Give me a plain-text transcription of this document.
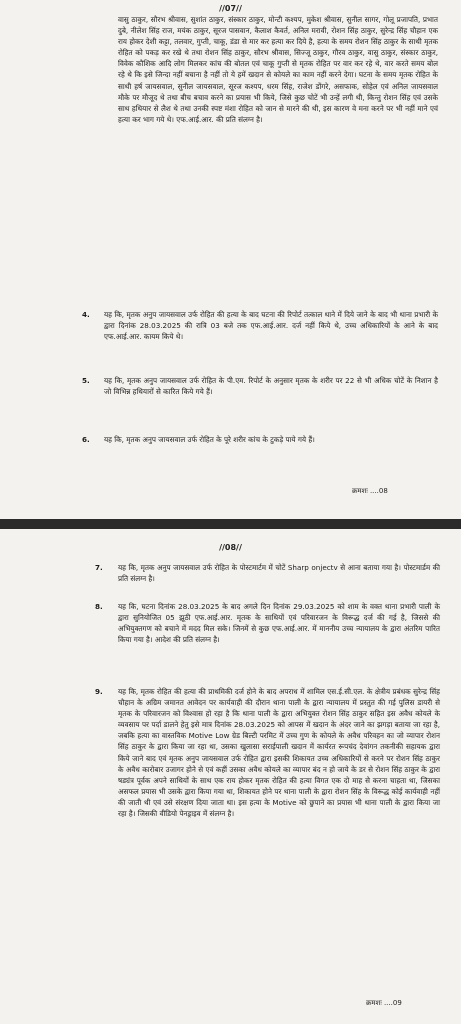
//07//
वासु ठाकुर, सौरभ श्रीवास, सुशांत ठाकुर, संस्कार ठाकुर, मोन्टी कश्यप, मुकेश श्रीवास, सुनील सागर, गोलू प्रजापति, प्रभात दुबे, नीलेश सिंह राज, मयंक ठाकुर, सूरज पासवान, कैलाश कैवर्त, अनिल मरावी, रोशन सिंह ठाकुर, सुरेन्द्र सिंह चौहान एक राय होकर देशी कट्टा, तलवार, गुप्ती, चाकू, डंडा से मार कर हत्या कर दिये है, हत्या के समय रोशन सिंह ठाकुर के साथी मृतक रोहित को पकड़ कर रखे थे तथा रोशन सिंह ठाकुर, सौरभ श्रीवास, सिज्जू ठाकुर, गौरव ठाकुर, वासु ठाकुर, संस्कार ठाकुर, विवेक कौशिक आदि लोग मिलकर कांच की बोतल एवं चाकू गुप्ती से मृतक रोहित पर वार कर रहे थे, वार करते समय बोल रहे थे कि इसे जिन्दा नहीं बचाना है नहीं तो ये हमें खदान से कोयले का काम नहीं करने देगा। घटना के समय मृतक रोहित के साथी हर्ष जायसवाल, सुनील जायसवाल, सूरज कश्यप, धरम सिंह, राजेश डोंगरे, असफाक, सोहेल एवं अनिल जायसवाल मौके पर मौजूद थे तथा बीच बचाव करने का प्रयास भी किये, जिसे कुछ चोटें भी उन्हें लगी थी, किन्तु रोशन सिंह एवं उसके साथ हथियार से लैश थे तथा उनकी स्पष्ट मंशा रोहित को जान से मारने की थी, इस कारण वे मना करने पर भी नहीं माने एवं हत्या कर भाग गये थे। एफ.आई.आर. की प्रति संलग्न है।
4. यह कि, मृतक अनुप जायसवाल उर्फ रोहित की हत्या के बाद घटना की रिपोर्ट तत्काल थाने में दिये जाने के बाद भी थाना प्रभारी के द्वारा दिनांक 28.03.2025 की रात्रि 03 बजे तक एफ.आई.आर. दर्ज नहीं किये थे, उच्च अधिकारियों के आने के बाद एफ.आई.आर. कायम किये थे।
5. यह कि, मृतक अनुप जायसवाल उर्फ रोहित के पी.एम. रिपोर्ट के अनुसार मृतक के शरीर पर 22 से भी अधिक चोटें के निशान है जो विभिन्न हथियारों से कारित किये गये हैं।
6. यह कि, मृतक अनुप जायसवाल उर्फ रोहित के पूरे शरीर कांच के टुकड़े पाये गये हैं।
क्रमशः ....08
//08//
7. यह कि, मृतक अनुप जायसवाल उर्फ रोहित के पोस्टमार्टम में चोटें Sharp onjectv से आना बताया गया है। पोस्टमार्डम की प्रति संलग्न है।
8. यह कि, घटना दिनांक 28.03.2025 के बाद अगले दिन दिनांक 29.03.2025 को शाम के वक्त थाना प्रभारी पाली के द्वारा सुनियोजित 05 झूठी एफ.आई.आर. मृतक के साथियों एवं परिवारजन के विरूद्ध दर्ज की गई है, जिससे की अभियुक्तगण को बचाने में मदद मिल सके। जिनमें से कुछ एफ.आई.आर. में माननीय उच्च न्यायालय के द्वारा अंतरिम पारित किया गया है। आदेश की प्रति संलग्न है।
9. यह कि, मृतक रोहित की हत्या की प्राथमिकी दर्ज होने के बाद अपराध में शामिल एस.ई.सी.एल. के क्षेत्रीय प्रबंधक सुरेन्द्र सिंह चौहान के अग्रिम जमानत आवेदन पर कार्यवाही की दौरान थाना पाली के द्वारा न्यायालय में प्रस्तुत की गई पुलिस डायरी से मृतक के परिवारजन को विश्वास हो रहा है कि थाना पाली के द्वारा अभियुक्त रोशन सिंह ठाकुर सहित इस अवैध कोयले के व्यवसाय पर पर्दा डालने हेतु इसे मात्र दिनांक 28.03.2025 को आपस में खदान के अंदर जाने का झगड़ा बताया जा रहा है, जबकि हत्या का वास्तविक Motive Low ग्रेड बिल्टी परमिट में उच्च गुण के कोयले के अवैध परिवहन का जो व्यापार रोशन सिंह ठाकुर के द्वारा किया जा रहा था, उसका खुलासा सराईपाली खदान में कार्यरत रूपचंद देवांगन तकनीकी सहायक द्वारा किये जाने बाद एवं मृतक अनुप जायसवाल उर्फ रोहित द्वारा इसकी शिकायत उच्च अधिकारियों से करने पर रोशन सिंह ठाकुर के अवैध कारोबार उजागर होने से एवं कहीं उसका अवैध कोयले का व्यापार बंद न हो जाये के डर से रोशन सिंह ठाकुर के द्वारा षड्यंत्र पूर्वक अपने साथियों के साथ एक राय होकर मृतक रोहित की हत्या विगत एक दो माह से करना चाहता था, जिसका असफल प्रयास भी उसके द्वारा किया गया था, शिकायत होने पर थाना पाली के द्वारा रोशन सिंह के विरूद्ध कोई कार्यवाही नहीं की जाती थी एवं उसे संरक्षण दिया जाता था। इस हत्या के Motive को छुपाने का प्रयास भी थाना पाली के द्वारा किया जा रहा है। जिसकी वीडियो पेनड्राइव में संलग्न है।
क्रमशः ....09
